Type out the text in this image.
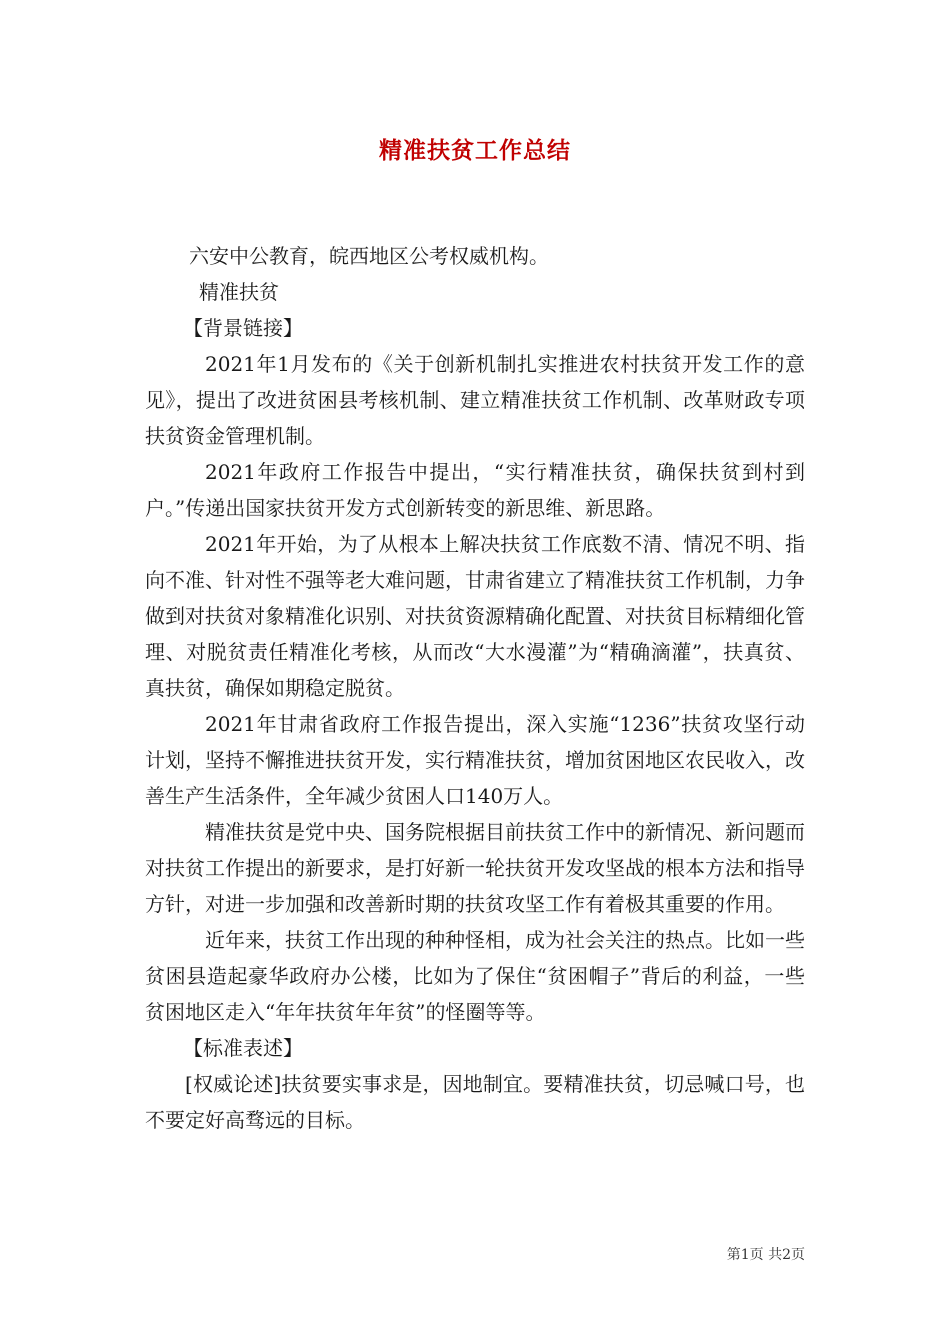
精准扶贫工作总结

六安中公教育，皖西地区公考权威机构。

精准扶贫

【背景链接】

2021年1月发布的《关于创新机制扎实推进农村扶贫开发工作的意见》，提出了改进贫困县考核机制、建立精准扶贫工作机制、改革财政专项扶贫资金管理机制。

2021年政府工作报告中提出，“实行精准扶贫，确保扶贫到村到户。”传递出国家扶贫开发方式创新转变的新思维、新思路。

2021年开始，为了从根本上解决扶贫工作底数不清、情况不明、指向不准、针对性不强等老大难问题，甘肃省建立了精准扶贫工作机制，力争做到对扶贫对象精准化识别、对扶贫资源精确化配置、对扶贫目标精细化管理、对脱贫责任精准化考核，从而改“大水漫灌”为“精确滴灌”，扶真贫、真扶贫，确保如期稳定脱贫。

2021年甘肃省政府工作报告提出，深入实施“1236”扶贫攻坚行动计划，坚持不懈推进扶贫开发，实行精准扶贫，增加贫困地区农民收入，改善生产生活条件，全年减少贫困人口140万人。

精准扶贫是党中央、国务院根据目前扶贫工作中的新情况、新问题而对扶贫工作提出的新要求，是打好新一轮扶贫开发攻坚战的根本方法和指导方针，对进一步加强和改善新时期的扶贫攻坚工作有着极其重要的作用。

近年来，扶贫工作出现的种种怪相，成为社会关注的热点。比如一些贫困县造起豪华政府办公楼，比如为了保住“贫困帽子”背后的利益，一些贫困地区走入“年年扶贫年年贫”的怪圈等等。

【标准表述】

[权威论述]扶贫要实事求是，因地制宜。要精准扶贫，切忌喊口号，也不要定好高骛远的目标。

第1页 共2页
